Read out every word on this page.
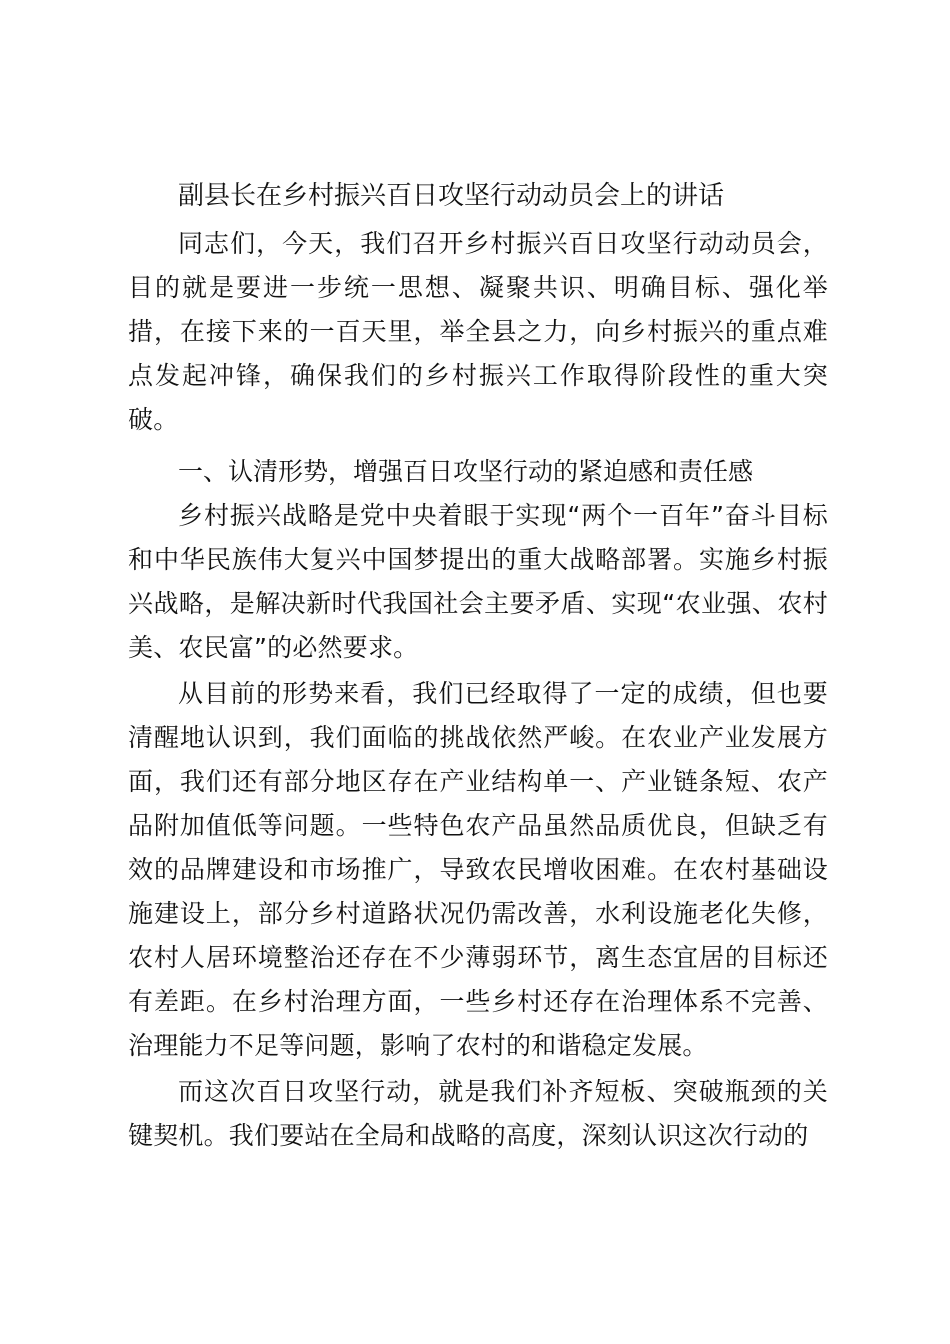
副县长在乡村振兴百日攻坚行动动员会上的讲话

同志们，今天，我们召开乡村振兴百日攻坚行动动员会，目的就是要进一步统一思想、凝聚共识、明确目标、强化举措，在接下来的一百天里，举全县之力，向乡村振兴的重点难点发起冲锋，确保我们的乡村振兴工作取得阶段性的重大突破。

一、认清形势，增强百日攻坚行动的紧迫感和责任感

乡村振兴战略是党中央着眼于实现“两个一百年”奋斗目标和中华民族伟大复兴中国梦提出的重大战略部署。实施乡村振兴战略，是解决新时代我国社会主要矛盾、实现“农业强、农村美、农民富”的必然要求。

从目前的形势来看，我们已经取得了一定的成绩，但也要清醒地认识到，我们面临的挑战依然严峻。在农业产业发展方面，我们还有部分地区存在产业结构单一、产业链条短、农产品附加值低等问题。一些特色农产品虽然品质优良，但缺乏有效的品牌建设和市场推广，导致农民增收困难。在农村基础设施建设上，部分乡村道路状况仍需改善，水利设施老化失修，农村人居环境整治还存在不少薄弱环节，离生态宜居的目标还有差距。在乡村治理方面，一些乡村还存在治理体系不完善、治理能力不足等问题，影响了农村的和谐稳定发展。

而这次百日攻坚行动，就是我们补齐短板、突破瓶颈的关键契机。我们要站在全局和战略的高度，深刻认识这次行动的
